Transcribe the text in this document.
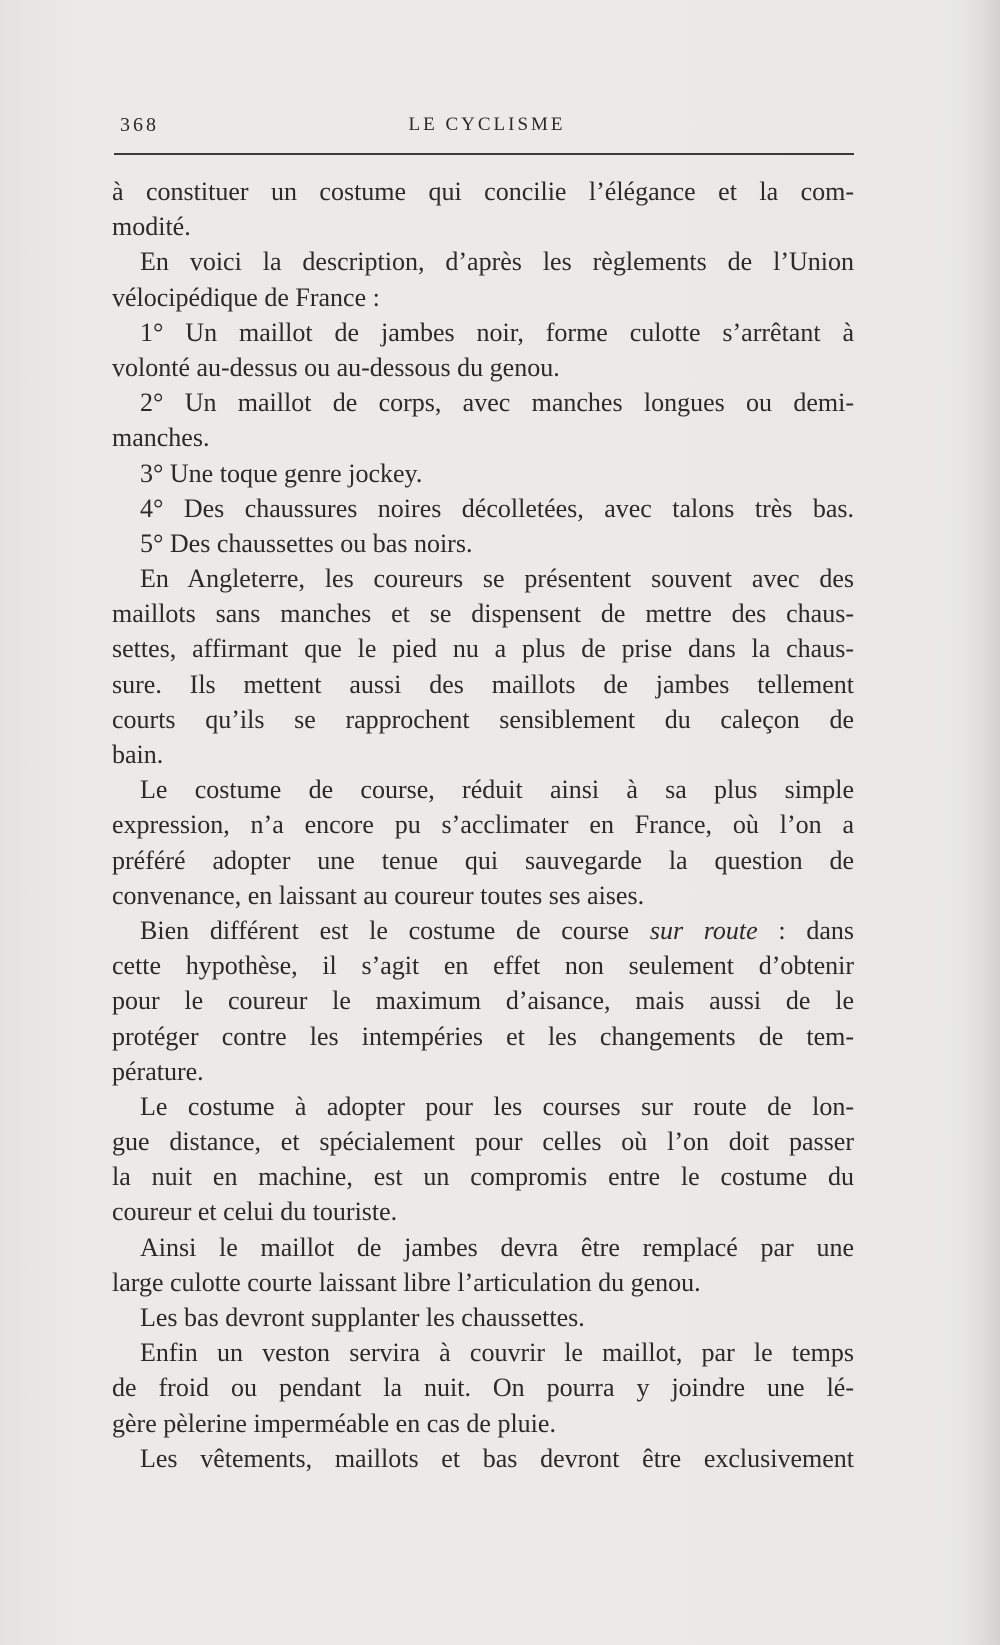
368	LE CYCLISME
à constituer un costume qui concilie l’élégance et la com-
modité.
En voici la description, d’après les règlements de l’Union
vélocipédique de France :
1° Un maillot de jambes noir, forme culotte s’arrêtant à
volonté au-dessus ou au-dessous du genou.
2° Un maillot de corps, avec manches longues ou demi-
manches.
3° Une toque genre jockey.
4° Des chaussures noires décolletées, avec talons très bas.
5° Des chaussettes ou bas noirs.
En Angleterre, les coureurs se présentent souvent avec des
maillots sans manches et se dispensent de mettre des chaus-
settes, affirmant que le pied nu a plus de prise dans la chaus-
sure. Ils mettent aussi des maillots de jambes tellement
courts qu’ils se rapprochent sensiblement du caleçon de
bain.
Le costume de course, réduit ainsi à sa plus simple
expression, n’a encore pu s’acclimater en France, où l’on a
préféré adopter une tenue qui sauvegarde la question de
convenance, en laissant au coureur toutes ses aises.
Bien différent est le costume de course sur route : dans
cette hypothèse, il s’agit en effet non seulement d’obtenir
pour le coureur le maximum d’aisance, mais aussi de le
protéger contre les intempéries et les changements de tem-
pérature.
Le costume à adopter pour les courses sur route de lon-
gue distance, et spécialement pour celles où l’on doit passer
la nuit en machine, est un compromis entre le costume du
coureur et celui du touriste.
Ainsi le maillot de jambes devra être remplacé par une
large culotte courte laissant libre l’articulation du genou.
Les bas devront supplanter les chaussettes.
Enfin un veston servira à couvrir le maillot, par le temps
de froid ou pendant la nuit. On pourra y joindre une lé-
gère pèlerine imperméable en cas de pluie.
Les vêtements, maillots et bas devront être exclusivement
